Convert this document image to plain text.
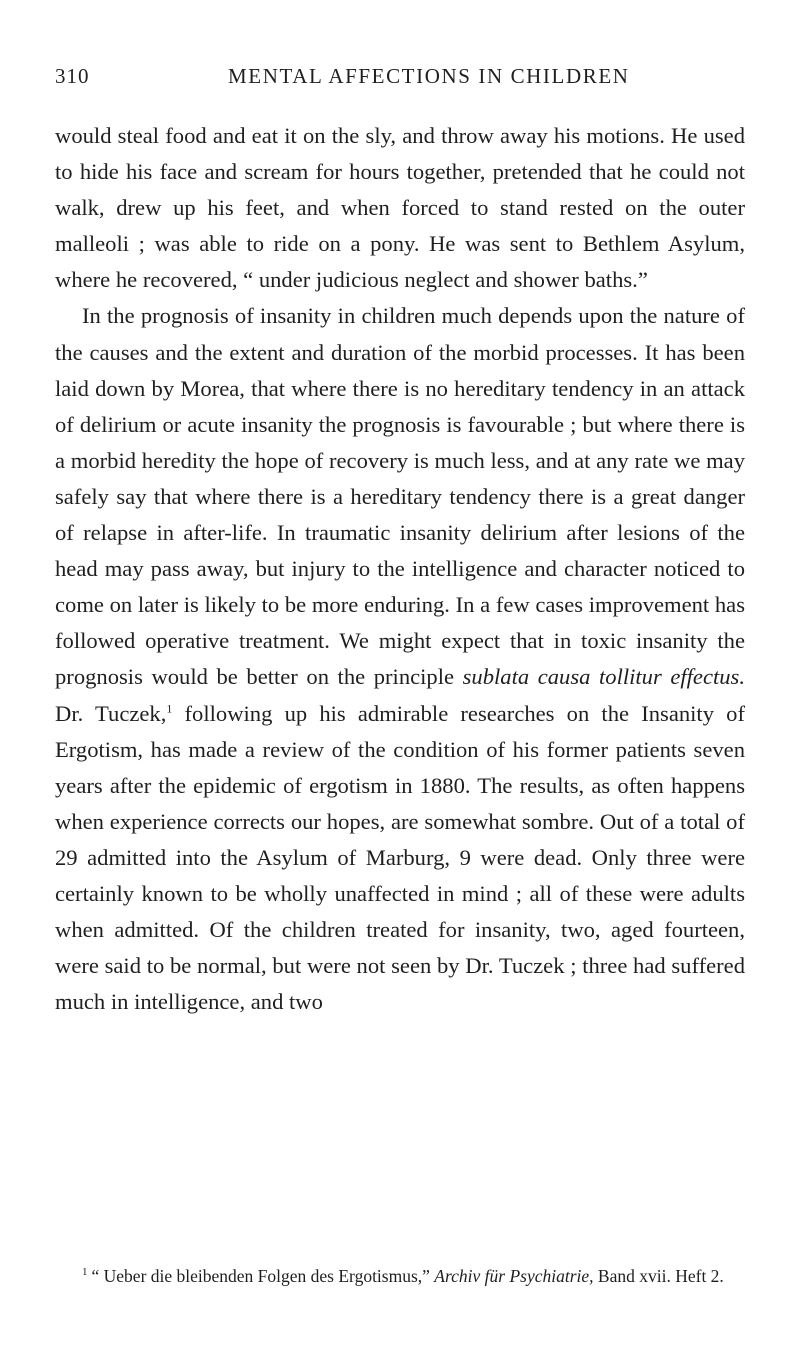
310	MENTAL AFFECTIONS IN CHILDREN

would steal food and eat it on the sly, and throw away his motions. He used to hide his face and scream for hours together, pretended that he could not walk, drew up his feet, and when forced to stand rested on the outer malleoli ; was able to ride on a pony. He was sent to Bethlem Asylum, where he recovered, “ under judicious neglect and shower baths.”

In the prognosis of insanity in children much depends upon the nature of the causes and the extent and duration of the morbid processes. It has been laid down by Morea, that where there is no hereditary tendency in an attack of delirium or acute insanity the prognosis is favourable ; but where there is a morbid heredity the hope of recovery is much less, and at any rate we may safely say that where there is a hereditary tendency there is a great danger of relapse in after-life. In traumatic insanity delirium after lesions of the head may pass away, but injury to the intelligence and character noticed to come on later is likely to be more enduring. In a few cases improvement has followed operative treatment. We might expect that in toxic insanity the prognosis would be better on the principle sublata causa tollitur effectus. Dr. Tuczek,$^1$ following up his admirable researches on the Insanity of Ergotism, has made a review of the condition of his former patients seven years after the epidemic of ergotism in 1880. The results, as often happens when experience corrects our hopes, are somewhat sombre. Out of a total of 29 admitted into the Asylum of Marburg, 9 were dead. Only three were certainly known to be wholly unaffected in mind ; all of these were adults when admitted. Of the children treated for insanity, two, aged fourteen, were said to be normal, but were not seen by Dr. Tuczek ; three had suffered much in intelligence, and two

$^1$ “ Ueber die bleibenden Folgen des Ergotismus,” Archiv für Psychiatrie, Band xvii. Heft 2.
